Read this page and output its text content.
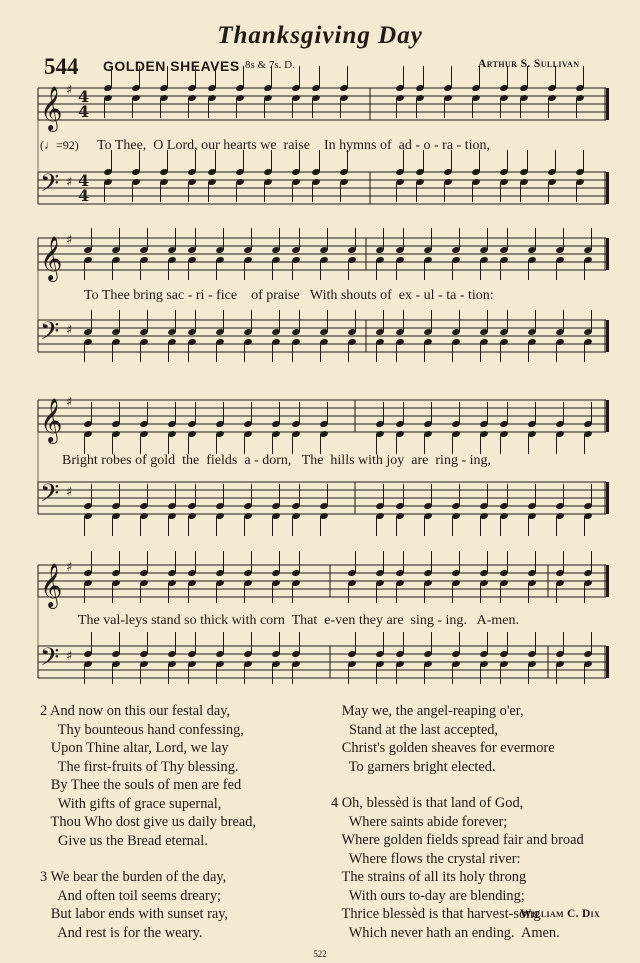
Thanksgiving Day
544 GOLDEN SHEAVES 8s & 7s. D.	Arthur S. Sullivan
𝄞 ♯ 4
4
𝄢 ♯ 4
4
𝄞 ♯
𝄢 ♯
𝄞 ♯
𝄢 ♯
𝄞 ♯
𝄢 ♯
(♩=92) To Thee,  O Lord, our hearts we  raise    In hymns of  ad - o - ra - tion,
To Thee bring sac - ri - fice    of praise   With shouts of  ex - ul - ta - tion:
Bright robes of gold  the  fields  a - dorn,   The  hills with joy  are  ring - ing,
The val-leys stand so thick with corn  That  e-ven they are  sing - ing.   A-men.
2 And now on this our festal day,
Thy bounteous hand confessing,
Upon Thine altar, Lord, we lay
The first-fruits of Thy blessing.
By Thee the souls of men are fed
With gifts of grace supernal,
Thou Who dost give us daily bread,
Give us the Bread eternal.
3 We bear the burden of the day,
And often toil seems dreary;
But labor ends with sunset ray,
And rest is for the weary.
May we, the angel-reaping o'er,
Stand at the last accepted,
Christ's golden sheaves for evermore
To garners bright elected.
4 Oh, blessèd is that land of God,
Where saints abide forever;
Where golden fields spread fair and broad
Where flows the crystal river:
The strains of all its holy throng
With ours to-day are blending;
Thrice blessèd is that harvest-song
Which never hath an ending.  Amen.
William C. Dix
522
